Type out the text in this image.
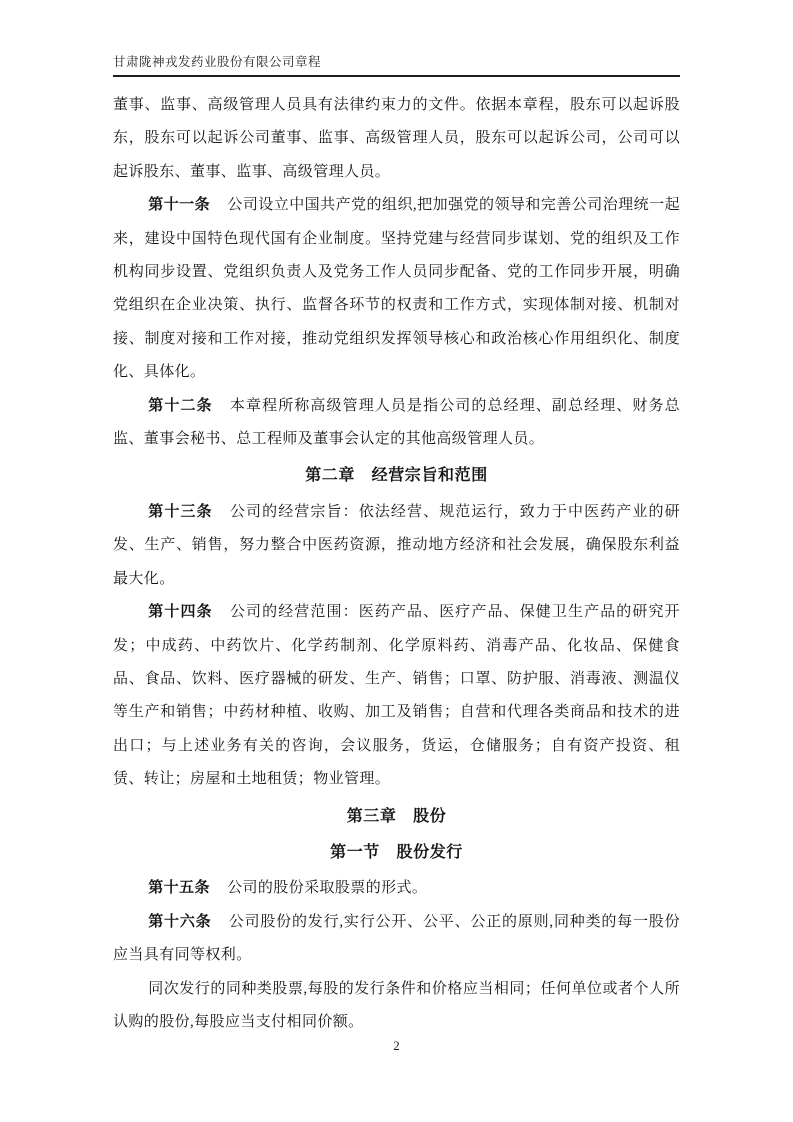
甘肃陇神戎发药业股份有限公司章程

董事、监事、高级管理人员具有法律约束力的文件。依据本章程，股东可以起诉股东，股东可以起诉公司董事、监事、高级管理人员，股东可以起诉公司，公司可以起诉股东、董事、监事、高级管理人员。

第十一条 公司设立中国共产党的组织,把加强党的领导和完善公司治理统一起来，建设中国特色现代国有企业制度。坚持党建与经营同步谋划、党的组织及工作机构同步设置、党组织负责人及党务工作人员同步配备、党的工作同步开展，明确党组织在企业决策、执行、监督各环节的权责和工作方式，实现体制对接、机制对接、制度对接和工作对接，推动党组织发挥领导核心和政治核心作用组织化、制度化、具体化。

第十二条 本章程所称高级管理人员是指公司的总经理、副总经理、财务总监、董事会秘书、总工程师及董事会认定的其他高级管理人员。

第二章　经营宗旨和范围

第十三条 公司的经营宗旨：依法经营、规范运行，致力于中医药产业的研发、生产、销售，努力整合中医药资源，推动地方经济和社会发展，确保股东利益最大化。

第十四条 公司的经营范围：医药产品、医疗产品、保健卫生产品的研究开发；中成药、中药饮片、化学药制剂、化学原料药、消毒产品、化妆品、保健食品、食品、饮料、医疗器械的研发、生产、销售；口罩、防护服、消毒液、测温仪等生产和销售；中药材种植、收购、加工及销售；自营和代理各类商品和技术的进出口；与上述业务有关的咨询，会议服务，货运，仓储服务；自有资产投资、租赁、转让；房屋和土地租赁；物业管理。

第三章　股份

第一节　股份发行

第十五条 公司的股份采取股票的形式。

第十六条 公司股份的发行,实行公开、公平、公正的原则,同种类的每一股份应当具有同等权利。

同次发行的同种类股票,每股的发行条件和价格应当相同；任何单位或者个人所认购的股份,每股应当支付相同价额。

2
